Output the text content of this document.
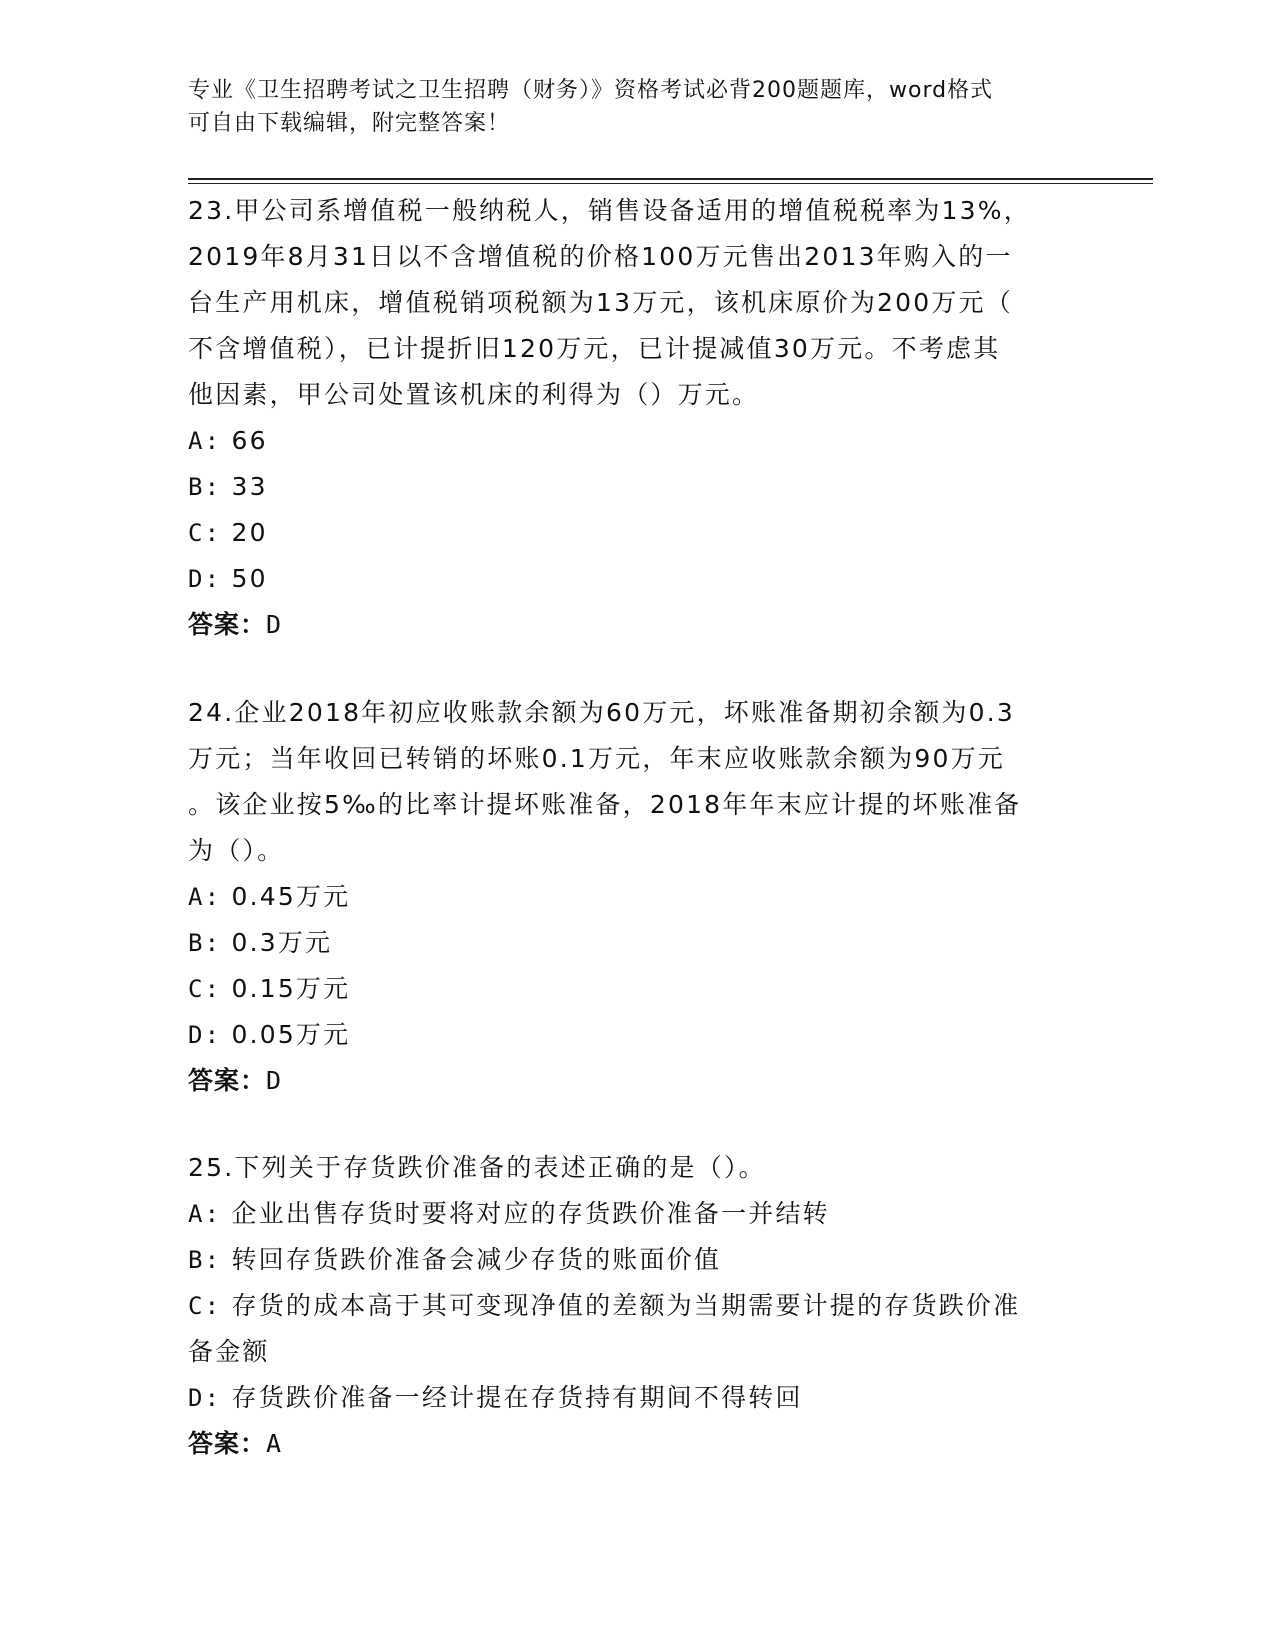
专业《卫生招聘考试之卫生招聘（财务）》资格考试必背200题题库，word格式
可自由下载编辑，附完整答案！

23.甲公司系增值税一般纳税人，销售设备适用的增值税税率为13%，

2019年8月31日以不含增值税的价格100万元售出2013年购入的一

台生产用机床，增值税销项税额为13万元，该机床原价为200万元（

不含增值税），已计提折旧120万元，已计提减值30万元。不考虑其

他因素，甲公司处置该机床的利得为（）万元。

A:
66

B:
33

C:
20

D:
50

答案：D

24.企业2018年初应收账款余额为60万元，坏账准备期初余额为0.3

万元；当年收回已转销的坏账0.1万元，年末应收账款余额为90万元

。该企业按5‰的比率计提坏账准备，2018年年末应计提的坏账准备

为（）。

A:
0.45万元

B:
0.3万元

C:
0.15万元

D:
0.05万元

答案：D

25.下列关于存货跌价准备的表述正确的是（）。

A:
企业出售存货时要将对应的存货跌价准备一并结转

B:
转回存货跌价准备会减少存货的账面价值

C:
存货的成本高于其可变现净值的差额为当期需要计提的存货跌价准

备金额

D:
存货跌价准备一经计提在存货持有期间不得转回

答案：A
